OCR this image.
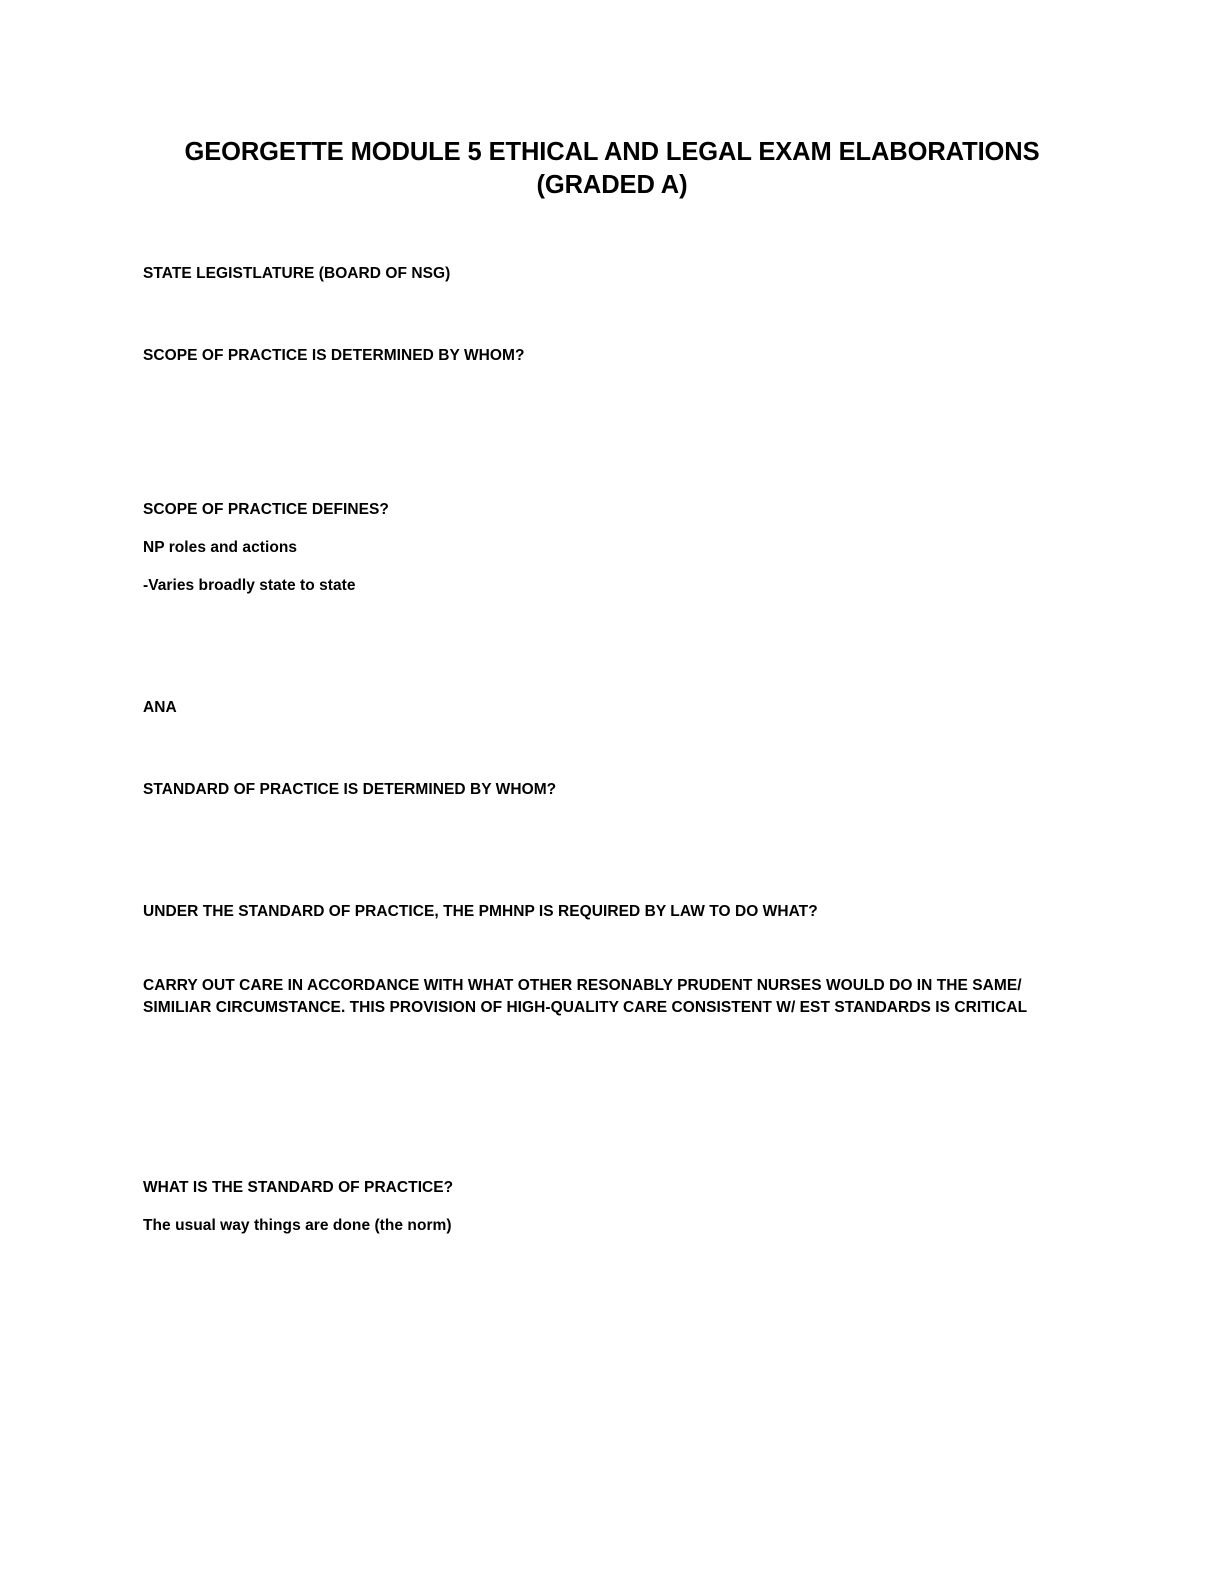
GEORGETTE MODULE 5 ETHICAL AND LEGAL EXAM ELABORATIONS (GRADED A)

STATE LEGISTLATURE (BOARD OF NSG)

SCOPE OF PRACTICE IS DETERMINED BY WHOM?

SCOPE OF PRACTICE DEFINES?

NP roles and actions

-Varies broadly state to state

ANA

STANDARD OF PRACTICE IS DETERMINED BY WHOM?

UNDER THE STANDARD OF PRACTICE, THE PMHNP IS REQUIRED BY LAW TO DO WHAT?

CARRY OUT CARE IN ACCORDANCE WITH WHAT OTHER RESONABLY PRUDENT NURSES WOULD DO IN THE SAME/ SIMILIAR CIRCUMSTANCE. THIS PROVISION OF HIGH-QUALITY CARE CONSISTENT W/ EST STANDARDS IS CRITICAL

WHAT IS THE STANDARD OF PRACTICE?

The usual way things are done (the norm)
